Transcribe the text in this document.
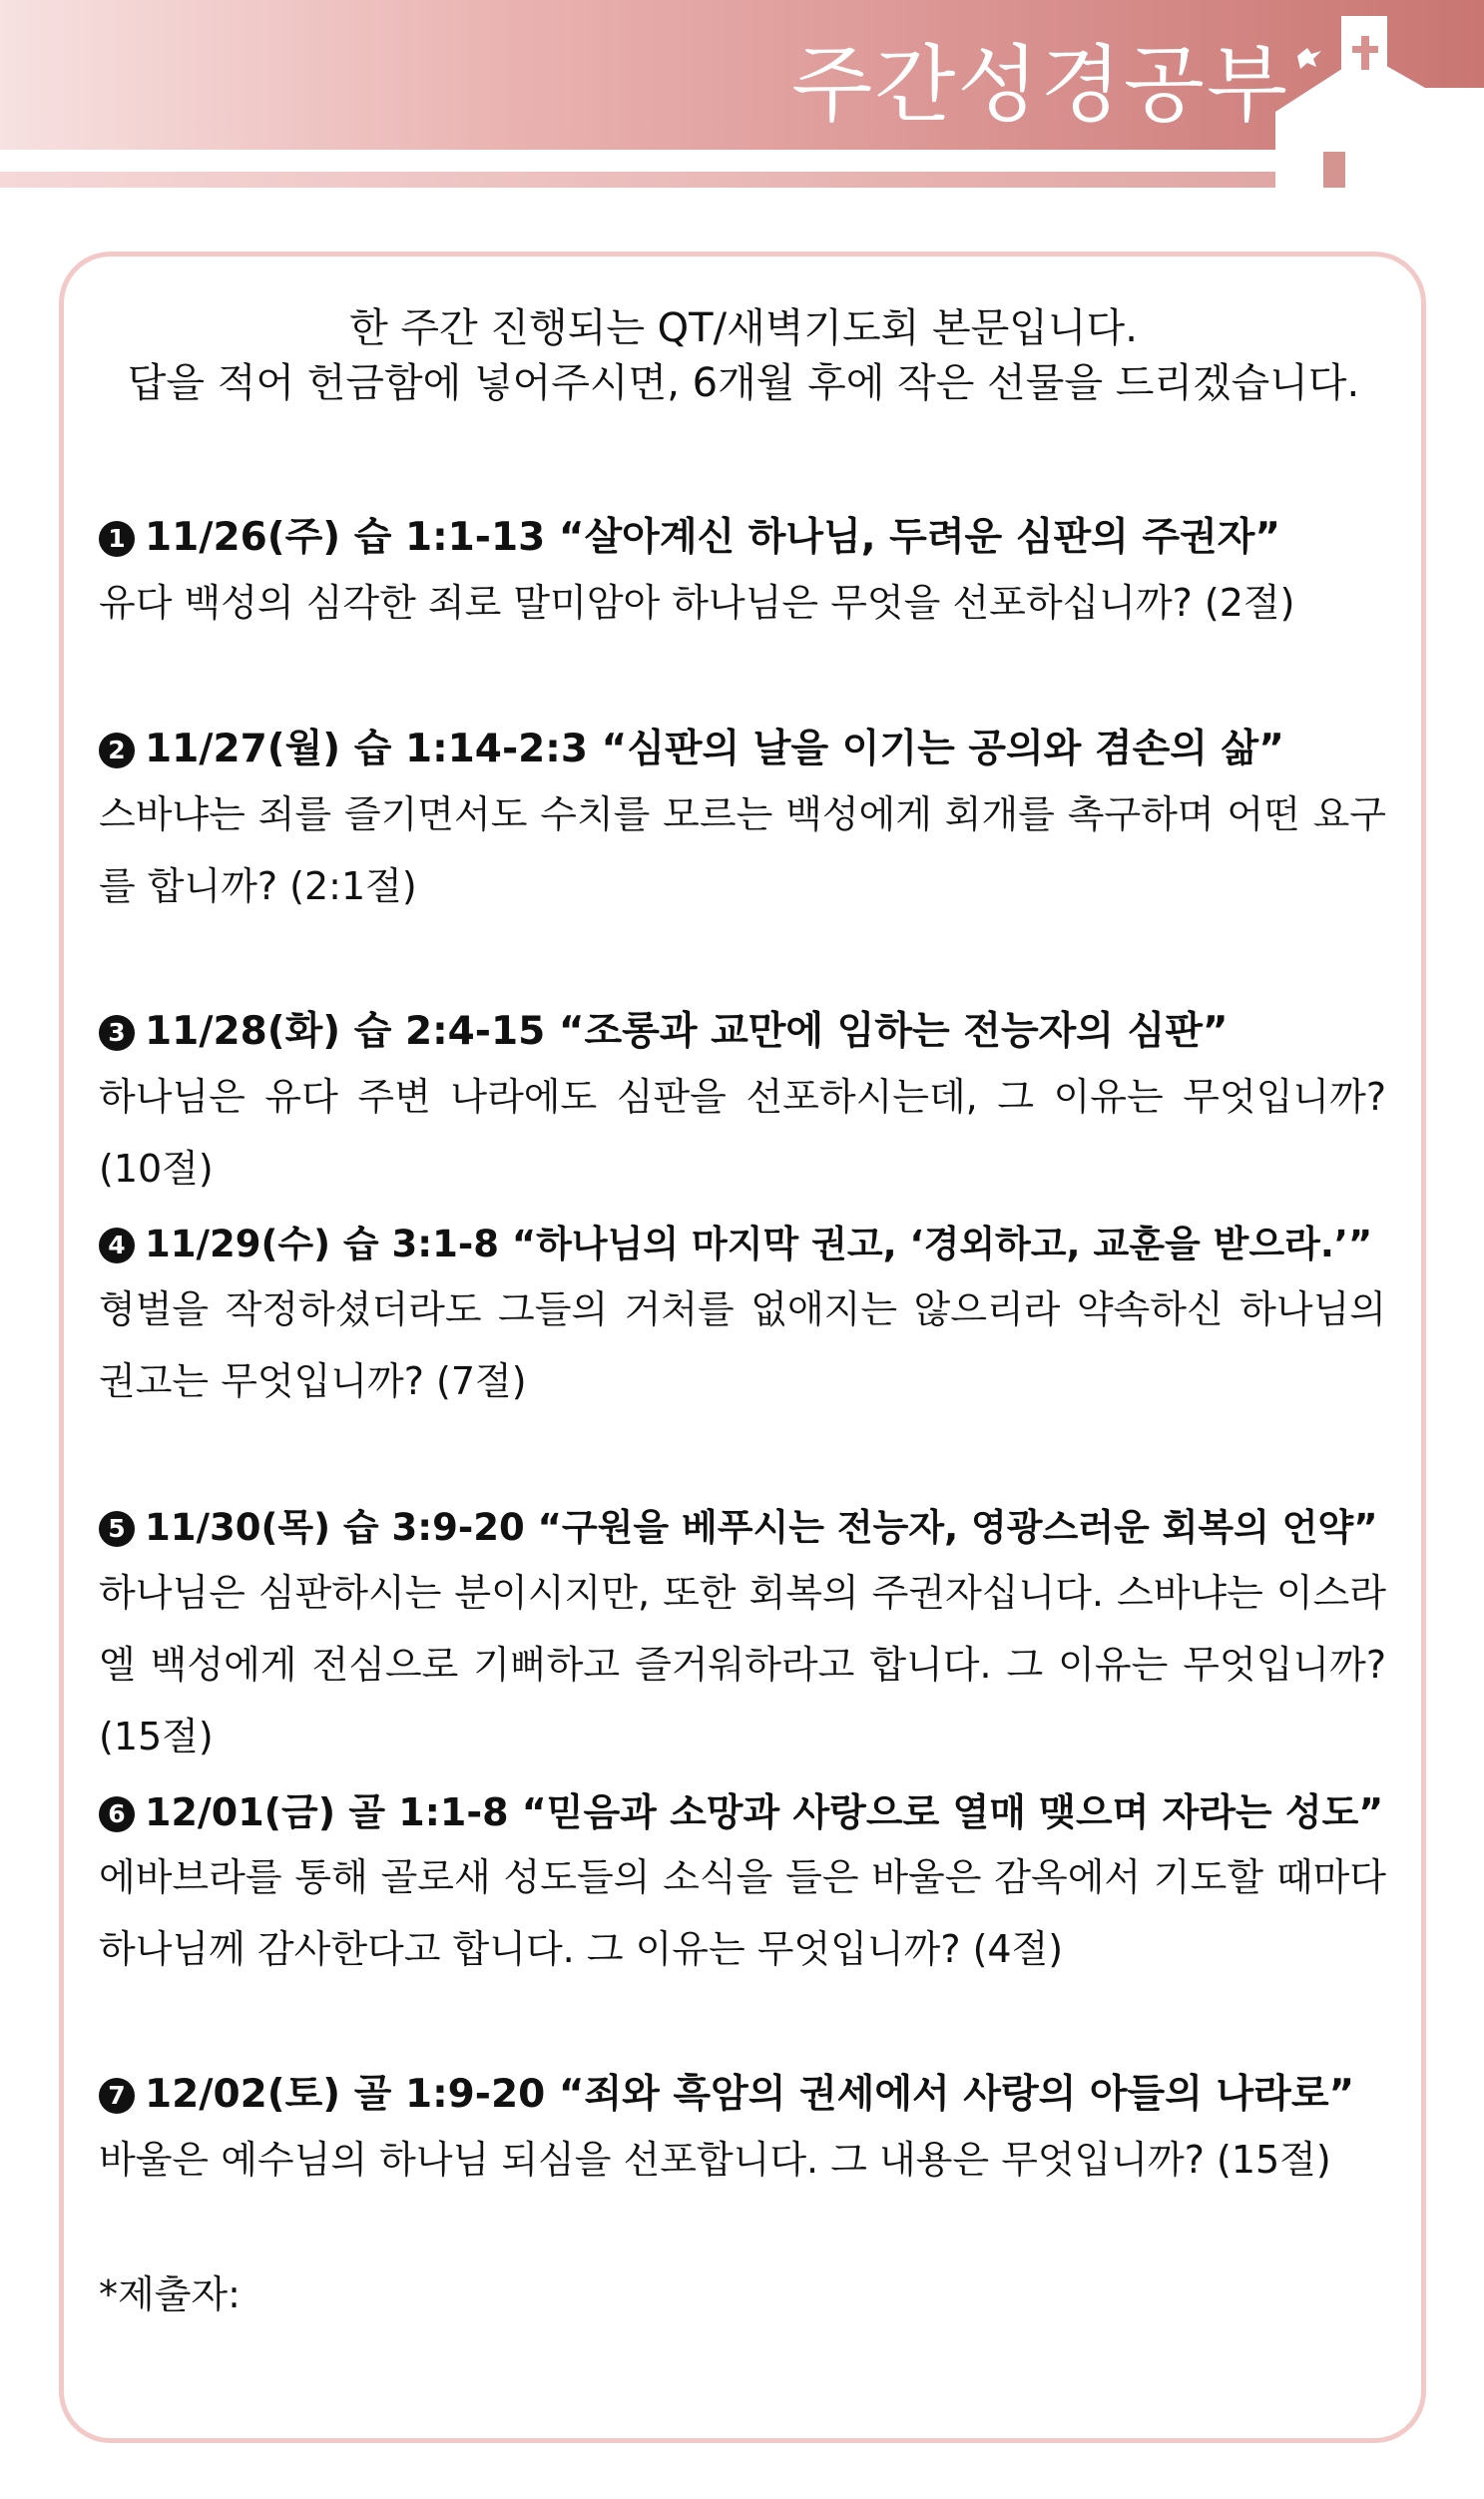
주간성경공부

한 주간 진행되는 QT/새벽기도회 본문입니다.

답을 적어 헌금함에 넣어주시면, 6개월 후에 작은 선물을 드리겠습니다.

1 11/26(주) 습 1:1-13 “살아계신 하나님, 두려운 심판의 주권자”

유다 백성의 심각한 죄로 말미암아 하나님은 무엇을 선포하십니까? (2절)

2 11/27(월) 습 1:14-2:3 “심판의 날을 이기는 공의와 겸손의 삶”

스바냐는 죄를 즐기면서도 수치를 모르는 백성에게 회개를 촉구하며 어떤 요구를 합니까? (2:1절)

3 11/28(화) 습 2:4-15 “조롱과 교만에 임하는 전능자의 심판”

하나님은 유다 주변 나라에도 심판을 선포하시는데, 그 이유는 무엇입니까? (10절)

4 11/29(수) 습 3:1-8 “하나님의 마지막 권고, ‘경외하고, 교훈을 받으라.’”

형벌을 작정하셨더라도 그들의 거처를 없애지는 않으리라 약속하신 하나님의 권고는 무엇입니까? (7절)

5 11/30(목) 습 3:9-20 “구원을 베푸시는 전능자, 영광스러운 회복의 언약”

하나님은 심판하시는 분이시지만, 또한 회복의 주권자십니다. 스바냐는 이스라엘 백성에게 전심으로 기뻐하고 즐거워하라고 합니다. 그 이유는 무엇입니까? (15절)

6 12/01(금) 골 1:1-8 “믿음과 소망과 사랑으로 열매 맺으며 자라는 성도”

에바브라를 통해 골로새 성도들의 소식을 들은 바울은 감옥에서 기도할 때마다 하나님께 감사한다고 합니다. 그 이유는 무엇입니까? (4절)

7 12/02(토) 골 1:9-20 “죄와 흑암의 권세에서 사랑의 아들의 나라로”

바울은 예수님의 하나님 되심을 선포합니다. 그 내용은 무엇입니까? (15절)

*제출자:
